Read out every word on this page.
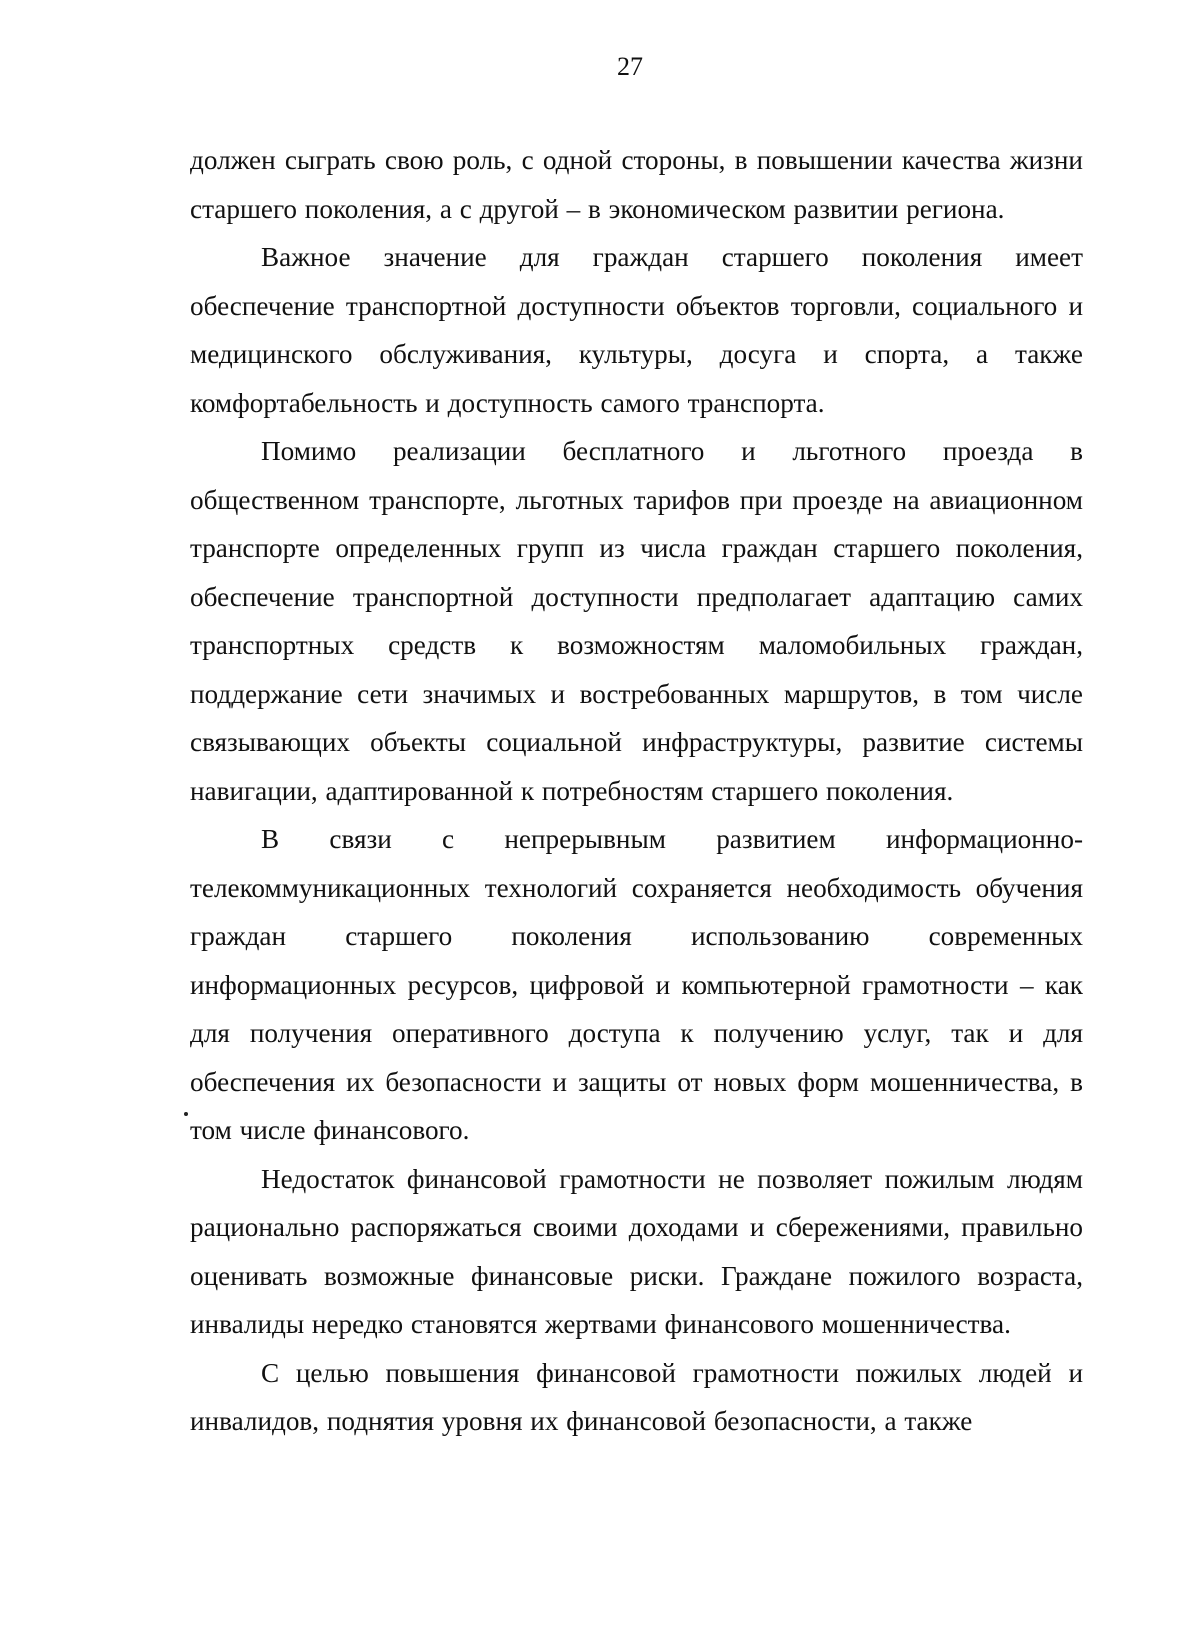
27

должен сыграть свою роль, с одной стороны, в повышении качества жизни старшего поколения, а с другой – в экономическом развитии региона.

Важное значение для граждан старшего поколения имеет обеспечение транспортной доступности объектов торговли, социального и медицинского обслуживания, культуры, досуга и спорта, а также комфортабельность и доступность самого транспорта.

Помимо реализации бесплатного и льготного проезда в общественном транспорте, льготных тарифов при проезде на авиационном транспорте определенных групп из числа граждан старшего поколения, обеспечение транспортной доступности предполагает адаптацию самих транспортных средств к возможностям маломобильных граждан, поддержание сети значимых и востребованных маршрутов, в том числе связывающих объекты социальной инфраструктуры, развитие системы навигации, адаптированной к потребностям старшего поколения.

В связи с непрерывным развитием информационно-телекоммуникационных технологий сохраняется необходимость обучения граждан старшего поколения использованию современных информационных ресурсов, цифровой и компьютерной грамотности – как для получения оперативного доступа к получению услуг, так и для обеспечения их безопасности и защиты от новых форм мошенничества, в том числе финансового.

Недостаток финансовой грамотности не позволяет пожилым людям рационально распоряжаться своими доходами и сбережениями, правильно оценивать возможные финансовые риски. Граждане пожилого возраста, инвалиды нередко становятся жертвами финансового мошенничества.

С целью повышения финансовой грамотности пожилых людей и инвалидов, поднятия уровня их финансовой безопасности, а также
